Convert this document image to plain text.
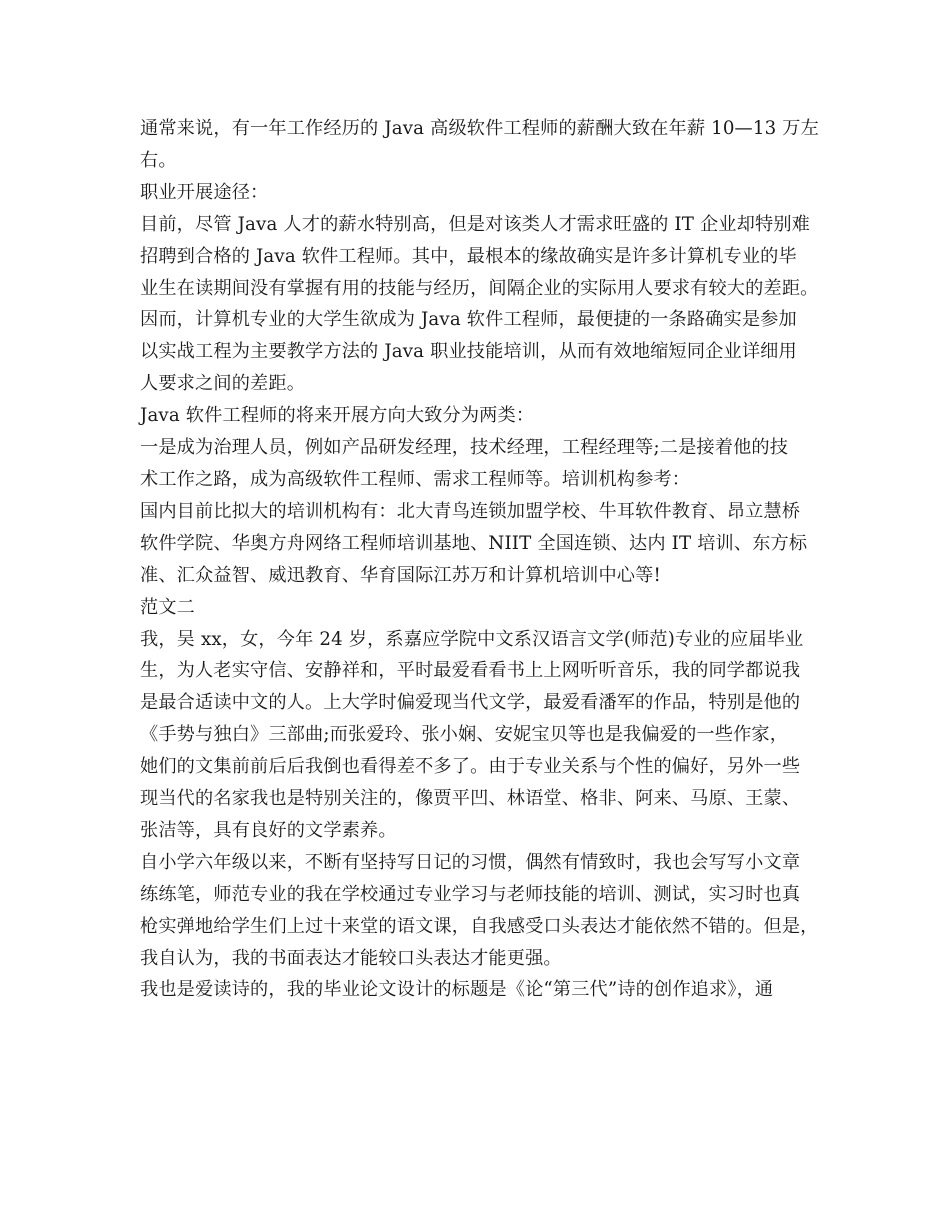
通常来说，有一年工作经历的 Java 高级软件工程师的薪酬大致在年薪 10—13 万左

右。

职业开展途径：

目前，尽管 Java 人才的薪水特别高，但是对该类人才需求旺盛的 IT 企业却特别难

招聘到合格的 Java 软件工程师。其中，最根本的缘故确实是许多计算机专业的毕

业生在读期间没有掌握有用的技能与经历，间隔企业的实际用人要求有较大的差距。

因而，计算机专业的大学生欲成为 Java 软件工程师，最便捷的一条路确实是参加

以实战工程为主要教学方法的 Java 职业技能培训，从而有效地缩短同企业详细用

人要求之间的差距。

Java 软件工程师的将来开展方向大致分为两类：

一是成为治理人员，例如产品研发经理，技术经理，工程经理等;二是接着他的技

术工作之路，成为高级软件工程师、需求工程师等。培训机构参考：

国内目前比拟大的培训机构有：北大青鸟连锁加盟学校、牛耳软件教育、昂立慧桥

软件学院、华奥方舟网络工程师培训基地、NIIT 全国连锁、达内 IT 培训、东方标

准、汇众益智、威迅教育、华育国际江苏万和计算机培训中心等!

范文二

我，吴 xx，女，今年 24 岁，系嘉应学院中文系汉语言文学(师范)专业的应届毕业

生，为人老实守信、安静祥和，平时最爱看看书上上网听听音乐，我的同学都说我

是最合适读中文的人。上大学时偏爱现当代文学，最爱看潘军的作品，特别是他的

《手势与独白》三部曲;而张爱玲、张小娴、安妮宝贝等也是我偏爱的一些作家，

她们的文集前前后后我倒也看得差不多了。由于专业关系与个性的偏好，另外一些

现当代的名家我也是特别关注的，像贾平凹、林语堂、格非、阿来、马原、王蒙、

张洁等，具有良好的文学素养。

自小学六年级以来，不断有坚持写日记的习惯，偶然有情致时，我也会写写小文章

练练笔，师范专业的我在学校通过专业学习与老师技能的培训、测试，实习时也真

枪实弹地给学生们上过十来堂的语文课，自我感受口头表达才能依然不错的。但是，

我自认为，我的书面表达才能较口头表达才能更强。

我也是爱读诗的，我的毕业论文设计的标题是《论“第三代”诗的创作追求》，通
